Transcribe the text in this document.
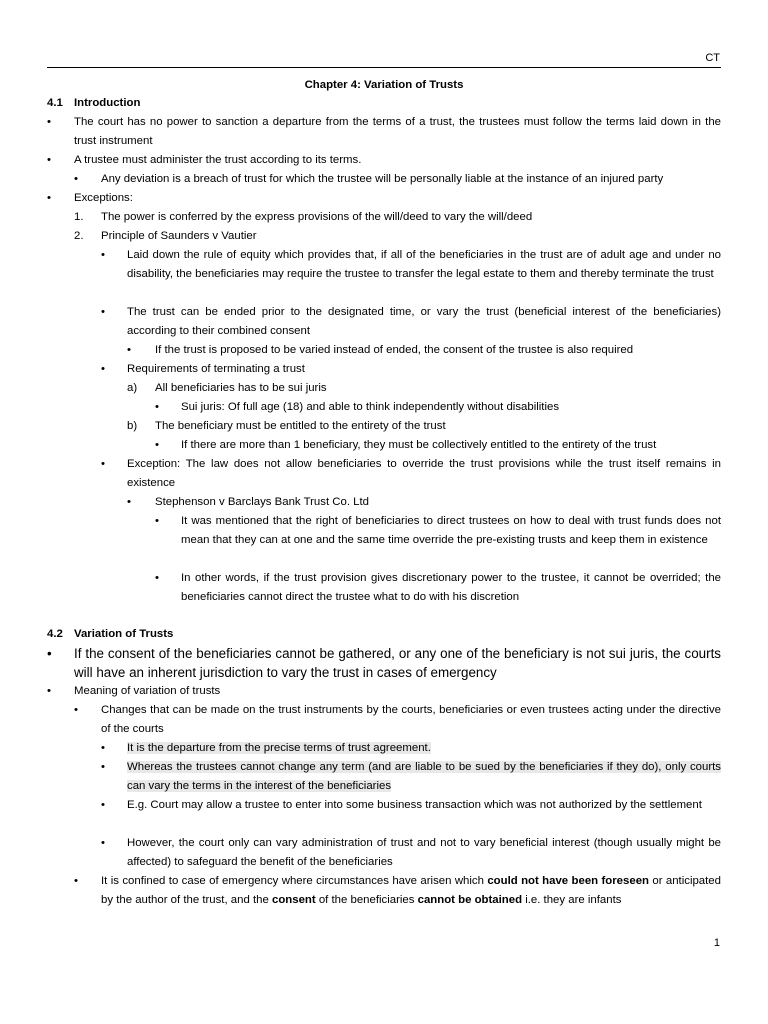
CT
Chapter 4: Variation of Trusts
4.1 Introduction
• The court has no power to sanction a departure from the terms of a trust, the trustees must follow the terms laid down in the trust instrument
• A trustee must administer the trust according to its terms.
• Any deviation is a breach of trust for which the trustee will be personally liable at the instance of an injured party
• Exceptions:
1. The power is conferred by the express provisions of the will/deed to vary the will/deed
2. Principle of Saunders v Vautier
• Laid down the rule of equity which provides that, if all of the beneficiaries in the trust are of adult age and under no disability, the beneficiaries may require the trustee to transfer the legal estate to them and thereby terminate the trust
• The trust can be ended prior to the designated time, or vary the trust (beneficial interest of the beneficiaries) according to their combined consent
• If the trust is proposed to be varied instead of ended, the consent of the trustee is also required
• Requirements of terminating a trust
a) All beneficiaries has to be sui juris
• Sui juris: Of full age (18) and able to think independently without disabilities
b) The beneficiary must be entitled to the entirety of the trust
• If there are more than 1 beneficiary, they must be collectively entitled to the entirety of the trust
• Exception: The law does not allow beneficiaries to override the trust provisions while the trust itself remains in existence
• Stephenson v Barclays Bank Trust Co. Ltd
• It was mentioned that the right of beneficiaries to direct trustees on how to deal with trust funds does not mean that they can at one and the same time override the pre-existing trusts and keep them in existence
• In other words, if the trust provision gives discretionary power to the trustee, it cannot be overrided; the beneficiaries cannot direct the trustee what to do with his discretion
4.2 Variation of Trusts
• If the consent of the beneficiaries cannot be gathered, or any one of the beneficiary is not sui juris, the courts will have an inherent jurisdiction to vary the trust in cases of emergency
• Meaning of variation of trusts
• Changes that can be made on the trust instruments by the courts, beneficiaries or even trustees acting under the directive of the courts
• It is the departure from the precise terms of trust agreement.
• Whereas the trustees cannot change any term (and are liable to be sued by the beneficiaries if they do), only courts can vary the terms in the interest of the beneficiaries
• E.g. Court may allow a trustee to enter into some business transaction which was not authorized by the settlement
• However, the court only can vary administration of trust and not to vary beneficial interest (though usually might be affected) to safeguard the benefit of the beneficiaries
• It is confined to case of emergency where circumstances have arisen which could not have been foreseen or anticipated by the author of the trust, and the consent of the beneficiaries cannot be obtained i.e. they are infants
1
